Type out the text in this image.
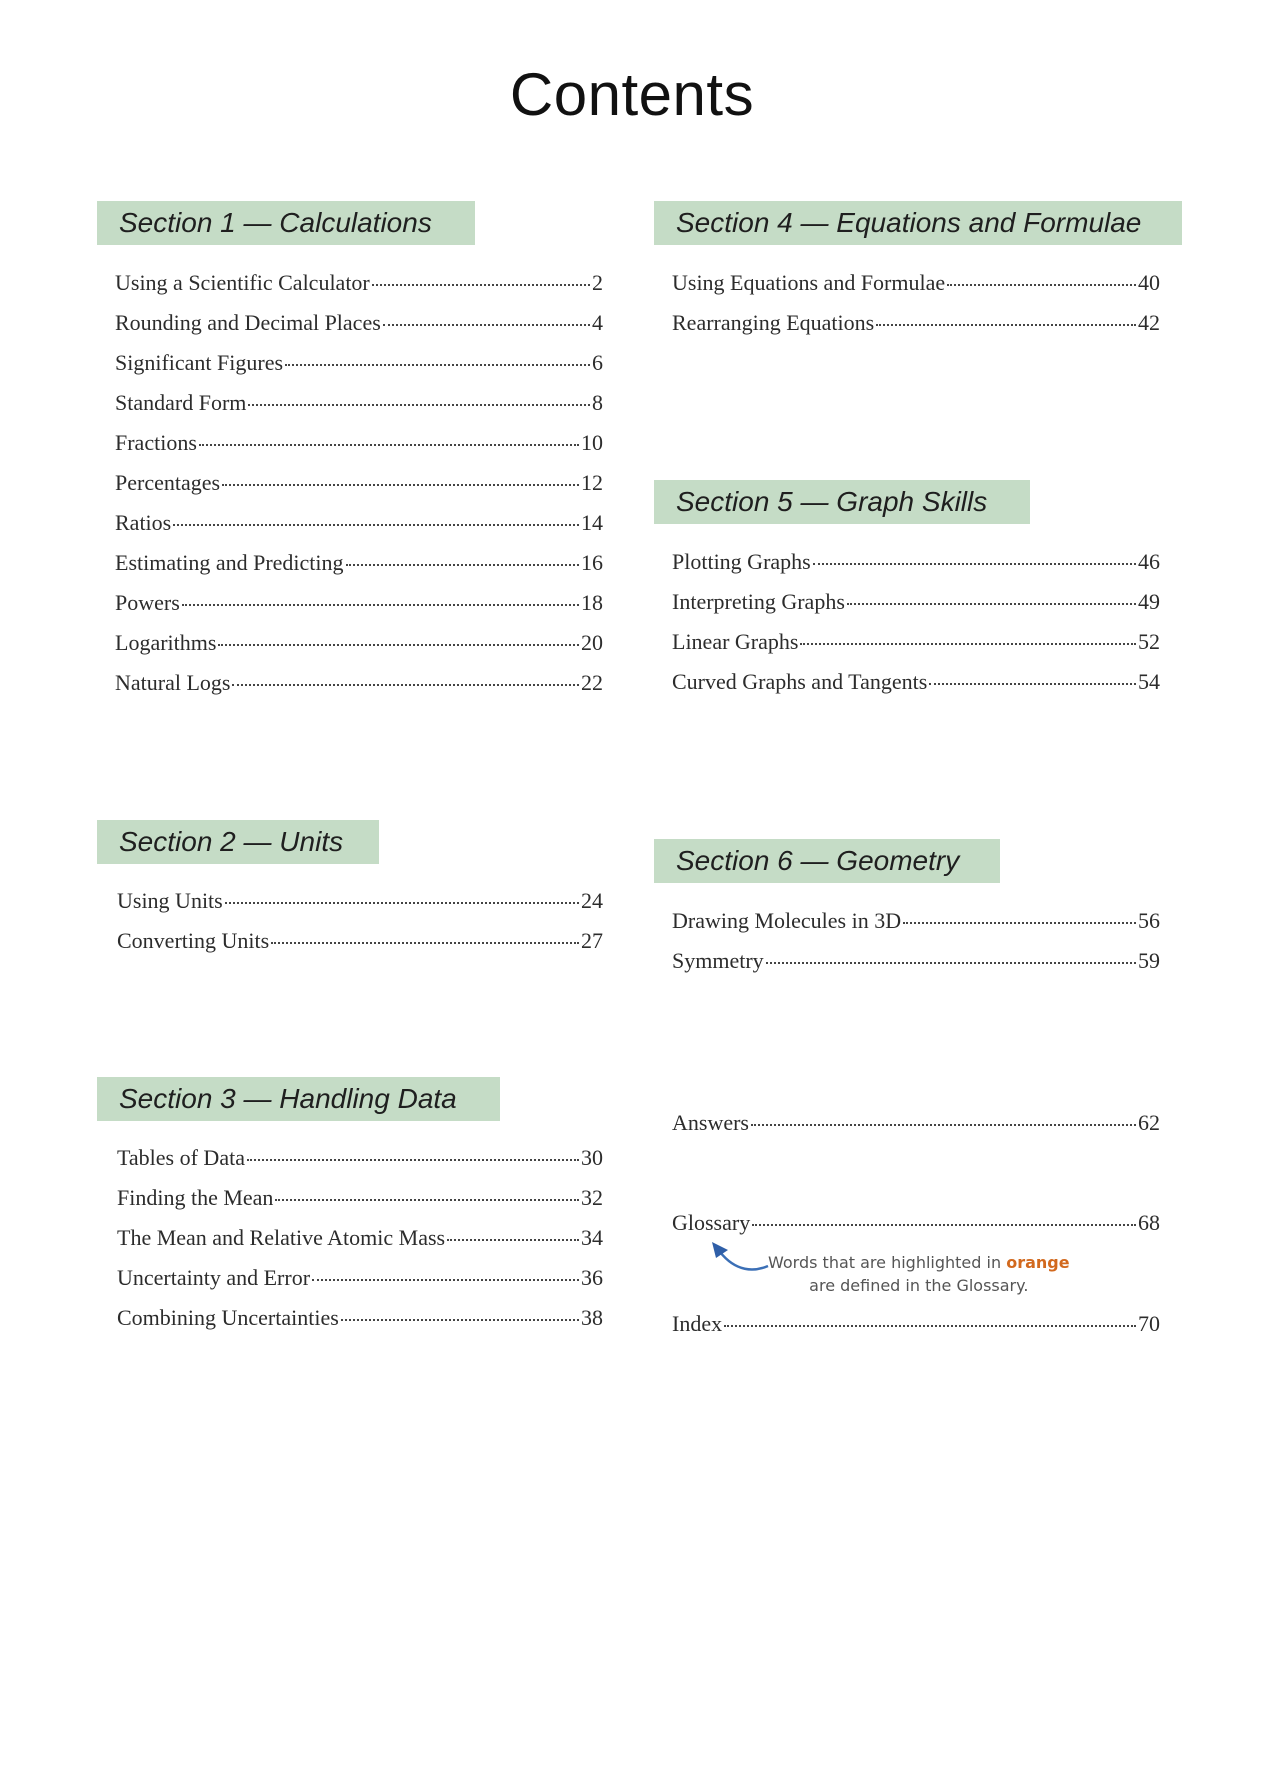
Contents
Section 1 — Calculations
Using a Scientific Calculator	2
Rounding and Decimal Places	4
Significant Figures	6
Standard Form	8
Fractions	10
Percentages	12
Ratios	14
Estimating and Predicting	16
Powers	18
Logarithms	20
Natural Logs	22
Section 2 — Units
Using Units	24
Converting Units	27
Section 3 — Handling Data
Tables of Data	30
Finding the Mean	32
The Mean and Relative Atomic Mass	34
Uncertainty and Error	36
Combining Uncertainties	38
Section 4 — Equations and Formulae
Using Equations and Formulae	40
Rearranging Equations	42
Section 5 — Graph Skills
Plotting Graphs	46
Interpreting Graphs	49
Linear Graphs	52
Curved Graphs and Tangents	54
Section 6 — Geometry
Drawing Molecules in 3D	56
Symmetry	59
Answers	62
Glossary	68
Words that are highlighted in orange
are defined in the Glossary.
Index	70
